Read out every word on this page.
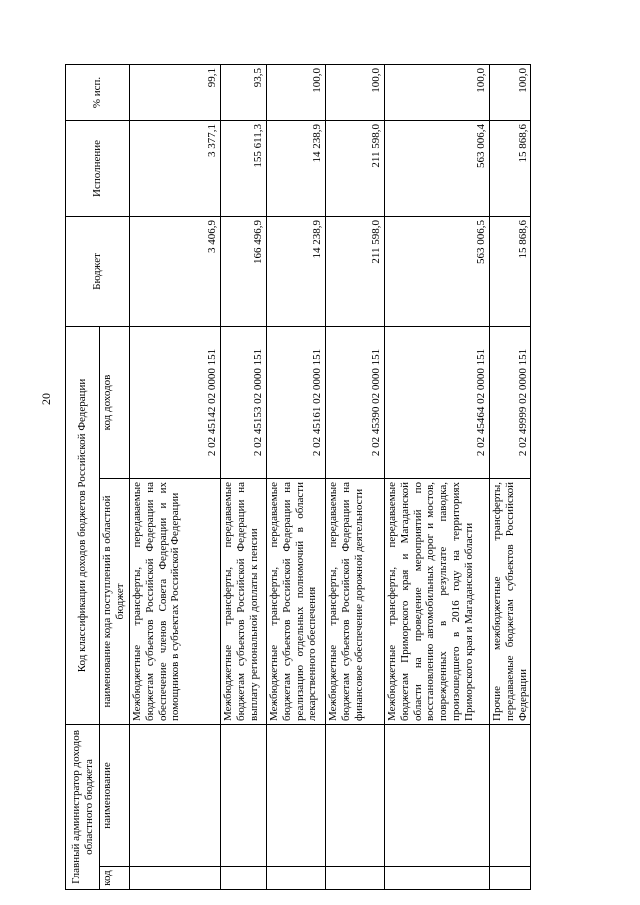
20
Главный администратор доходов областного бюджета		Код классификации доходов бюджетов Российской Федерации		Бюджет	Исполнение	% исп.
код	наименование	наименование кода поступлений в областной бюджет	код доходов			
		Межбюджетные трансферты, передаваемые бюджетам субъектов Российской Федерации на обеспечение членов Совета Федерации и их помощников в субъектах Российской Федерации	2 02 45142 02 0000 151	3 406,9	3 377,1	99,1
		Межбюджетные трансферты, передаваемые бюджетам субъектов Российской Федерации на выплату региональной доплаты к пенсии	2 02 45153 02 0000 151	166 496,9	155 611,3	93,5
		Межбюджетные трансферты, передаваемые бюджетам субъектов Российской Федерации на реализацию отдельных полномочий в области лекарственного обеспечения	2 02 45161 02 0000 151	14 238,9	14 238,9	100,0
		Межбюджетные трансферты, передаваемые бюджетам субъектов Российской Федерации на финансовое обеспечение дорожной деятельности	2 02 45390 02 0000 151	211 598,0	211 598,0	100,0
		Межбюджетные трансферты, передаваемые бюджетам Приморского края и Магаданской области на проведение мероприятий по восстановлению автомобильных дорог и мостов, поврежденных в результате паводка, произошедшего в 2016 году на территориях Приморского края и Магаданской области	2 02 45464 02 0000 151	563 006,5	563 006,4	100,0
		Прочие межбюджетные трансферты, передаваемые бюджетам субъектов Российской Федерации	2 02 49999 02 0000 151	15 868,6	15 868,6	100,0
